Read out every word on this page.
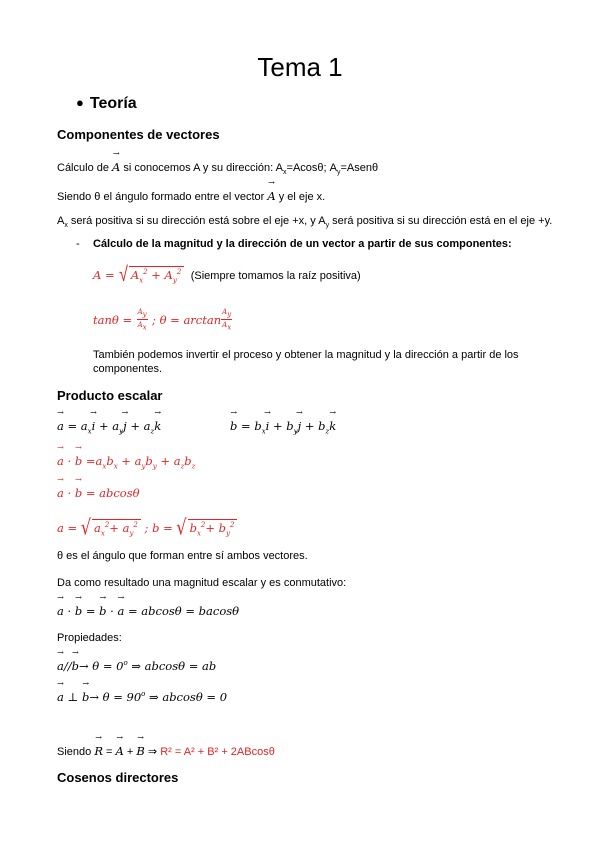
Tema 1
● Teoría
Componentes de vectores
Cálculo de → A si conocemos A y su dirección: $A_x=Acos\theta$; $A_y=Asen\theta$
Siendo θ el ángulo formado entre el vector → A y el eje x.
$A_x$ será positiva si su dirección está sobre el eje +x, y $A_y$ será positiva si su dirección está en el eje +y.
- Cálculo de la magnitud y la dirección de un vector a partir de sus componentes:
A = √ $A_x^2 + A_y^2$ (Siempre tomamos la raíz positiva)
$\tan\theta = \frac{A_y}{A_x}$ ; $\theta = \arctan \frac{A_y}{A_x}$
También podemos invertir el proceso y obtener la magnitud y la dirección a partir de los componentes.
Producto escalar
→ $a = a_x\to i + a_y\to j + a_z\to k$	→ $b = b_x\to i + b_y\to j + b_z\to k$
→ a · → $b =a_xb_x + a_yb_y + a_zb_z$
→ a · → b = abcosθ
a = √ $a_x^2+ a_y^2$ ; b = √ $b_x^2+ b_y^2$
θ es el ángulo que forman entre sí ambos vectores.
Da como resultado una magnitud escalar y es conmutativo:
→ a · → b = → b · → a = abcosθ = bacosθ
Propiedades:
→ $a//\to b\to \theta = 0^o$ ⇒ abcosθ = ab
→ a ⊥ → $b\to \theta = 90^o$ ⇒ abcosθ = 0
Siendo → R = → A + → B ⇒ R² = A² + B² + 2ABcosθ
Cosenos directores
